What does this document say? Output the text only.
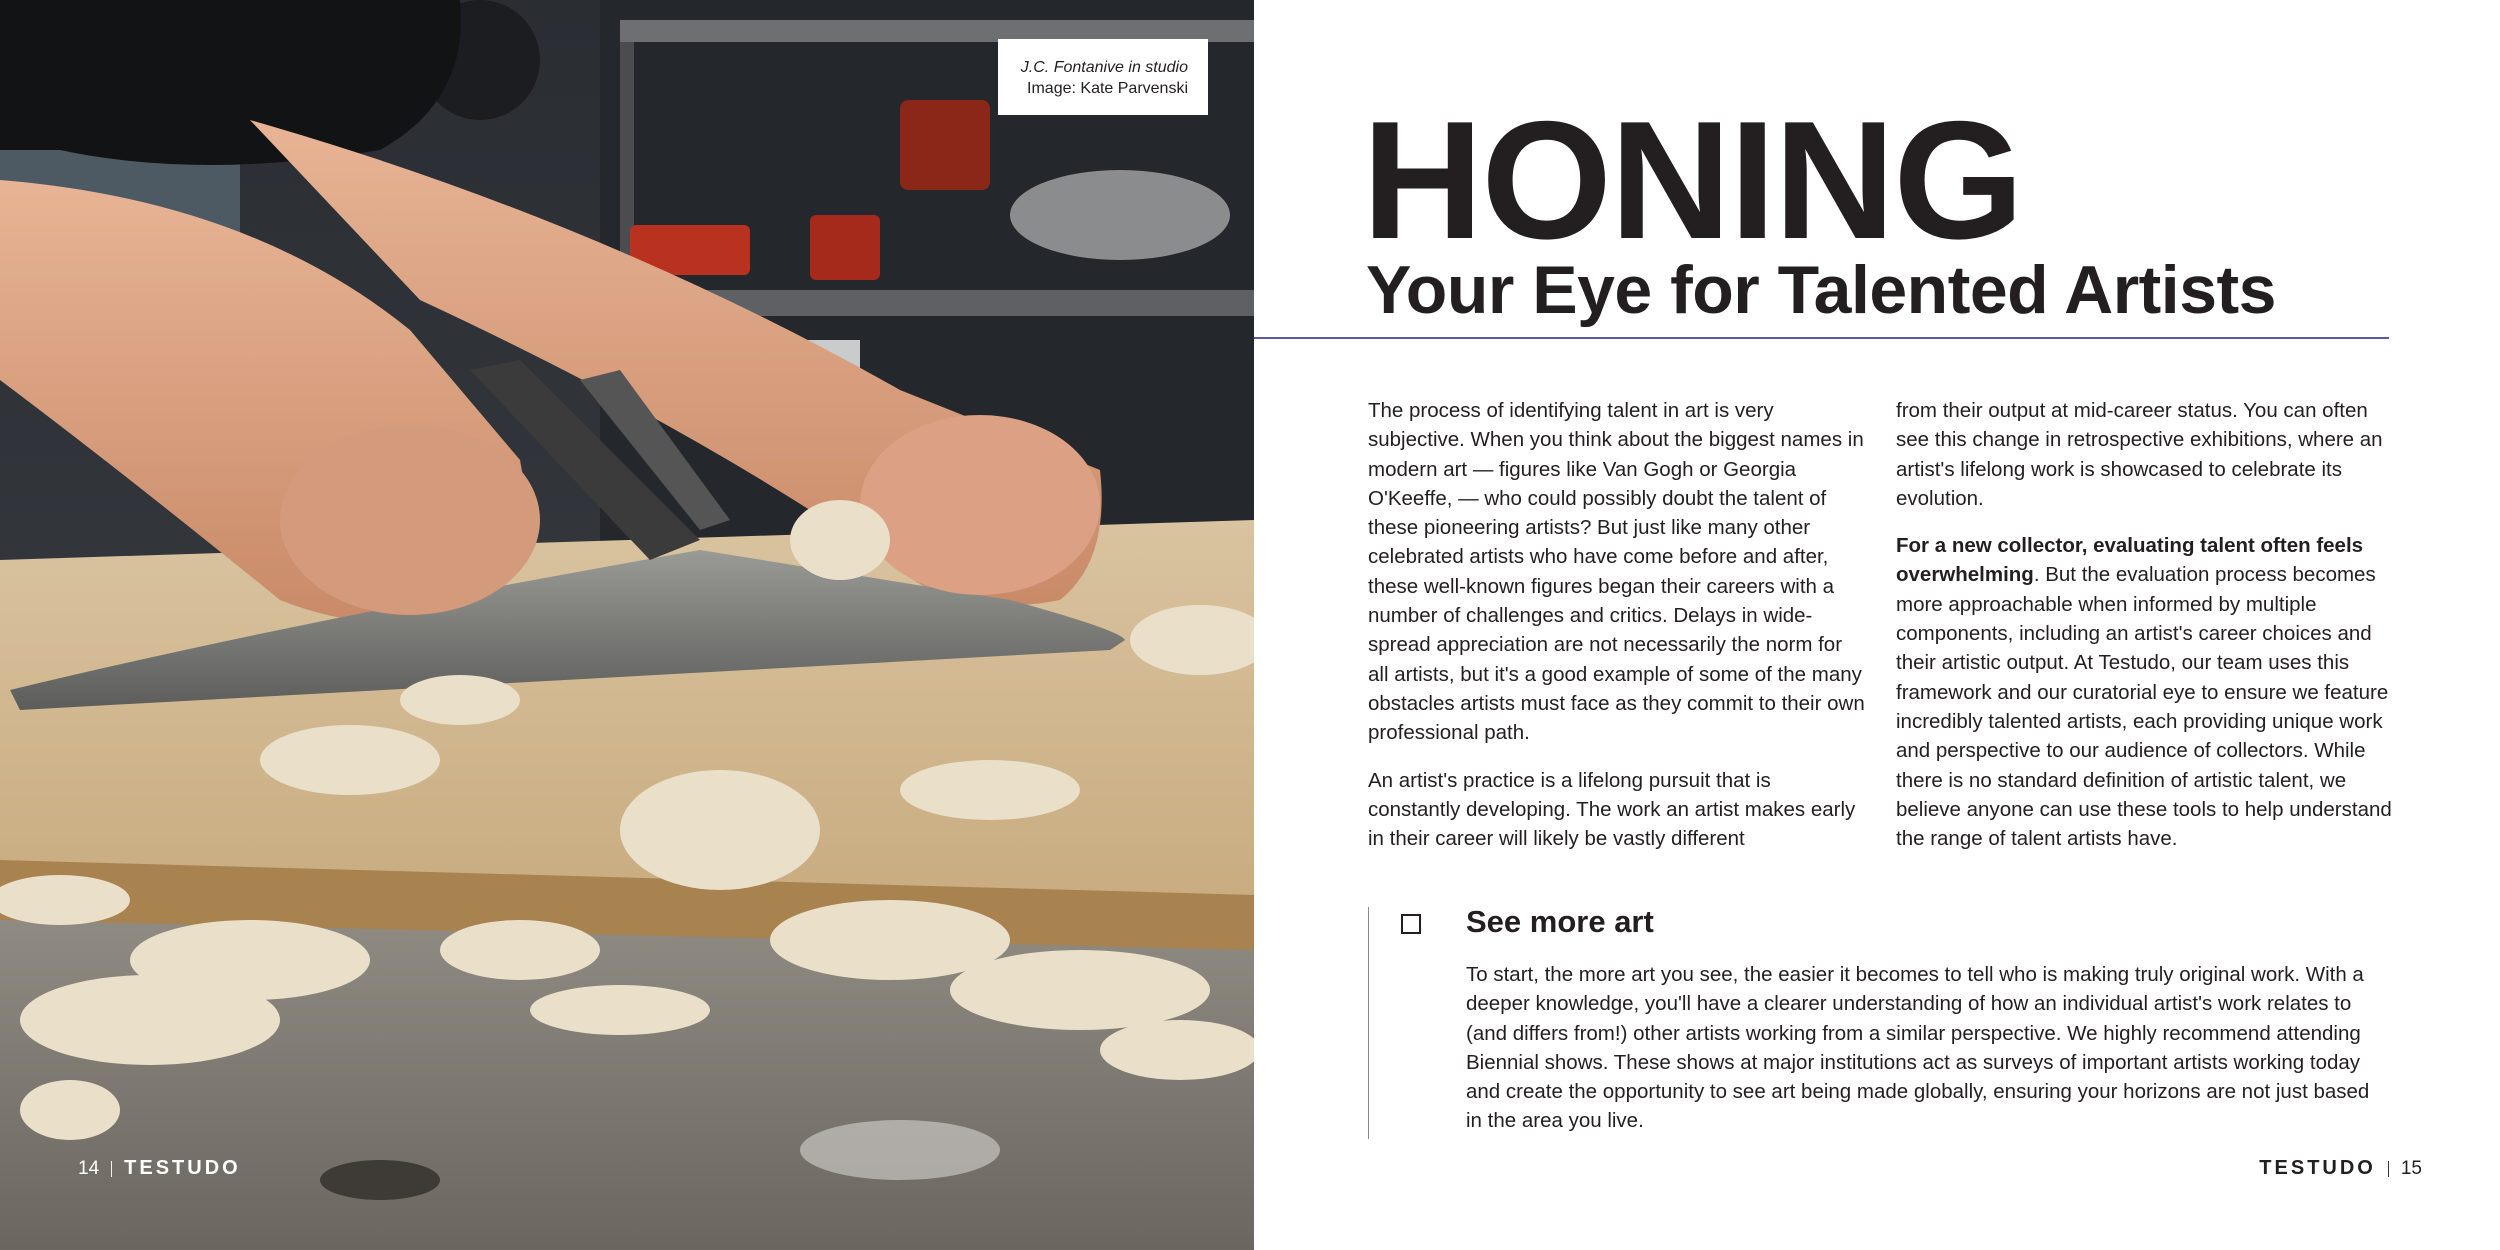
J.C. Fontanive in studio
Image: Kate Parvenski
14 TESTUDO
HONING
Your Eye for Talented Artists

The process of identifying talent in art is very subjective. When you think about the biggest names in modern art — figures like Van Gogh or Georgia O'Keeffe, — who could possibly doubt the talent of these pioneering artists? But just like many other celebrated artists who have come before and after, these well-known figures began their careers with a number of challenges and critics. Delays in wide-spread appreciation are not necessarily the norm for all artists, but it's a good example of some of the many obstacles artists must face as they commit to their own professional path.

An artist's practice is a lifelong pursuit that is constantly developing. The work an artist makes early in their career will likely be vastly different

from their output at mid-career status. You can often see this change in retrospective exhibitions, where an artist's lifelong work is showcased to celebrate its evolution.

For a new collector, evaluating talent often feels overwhelming. But the evaluation process becomes more approachable when informed by multiple components, including an artist's career choices and their artistic output. At Testudo, our team uses this framework and our curatorial eye to ensure we feature incredibly talented artists, each providing unique work and perspective to our audience of collectors. While there is no standard definition of artistic talent, we believe anyone can use these tools to help understand the range of talent artists have.

See more art

To start, the more art you see, the easier it becomes to tell who is making truly original work. With a deeper knowledge, you'll have a clearer understanding of how an individual artist's work relates to (and differs from!) other artists working from a similar perspective. We highly recommend attending Biennial shows. These shows at major institutions act as surveys of important artists working today and create the opportunity to see art being made globally, ensuring your horizons are not just based in the area you live.

TESTUDO 15
